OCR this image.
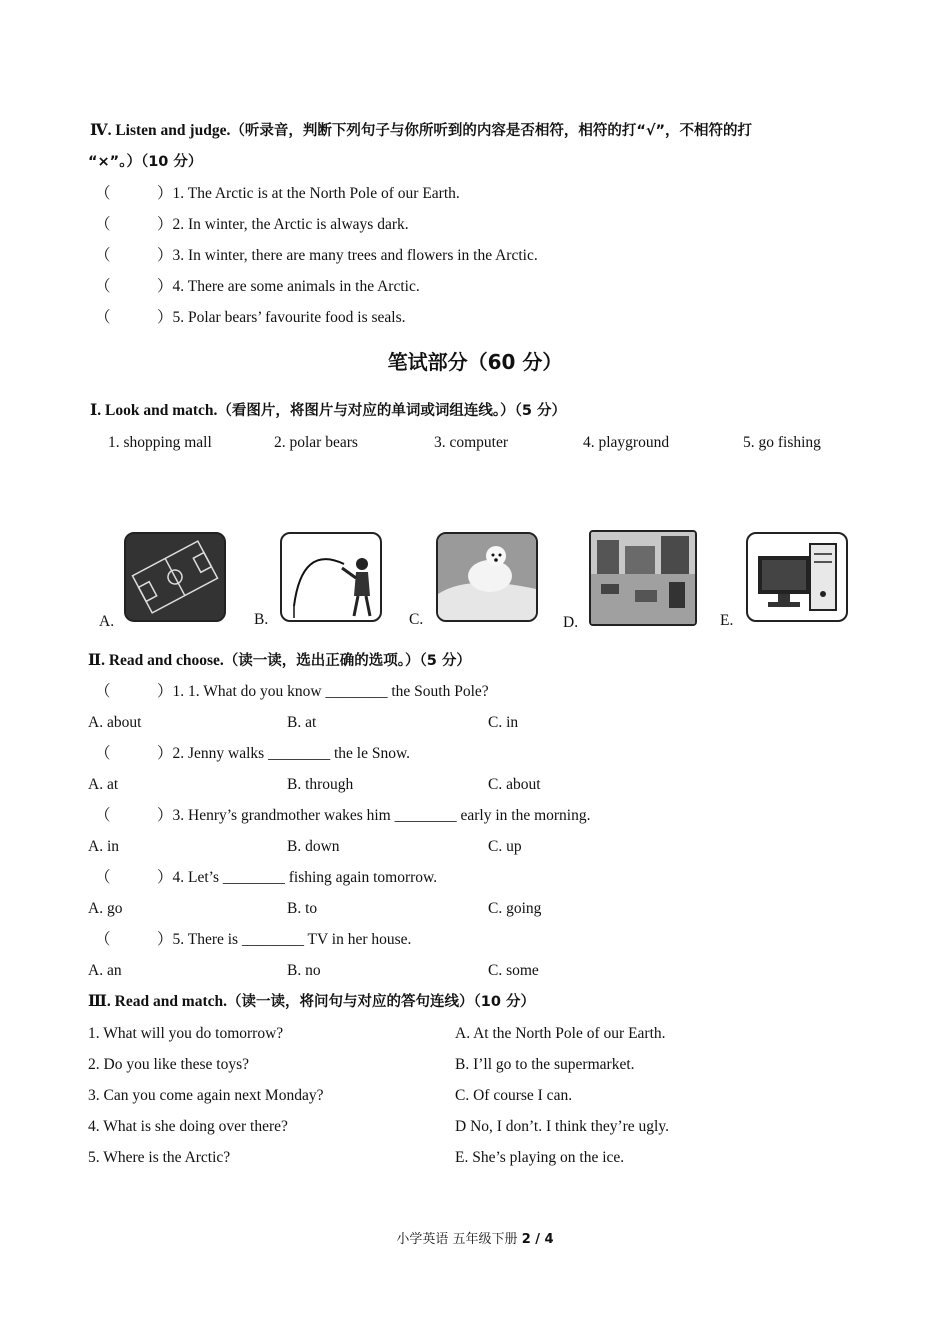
Ⅳ. Listen and judge.（听录音，判断下列句子与你所听到的内容是否相符，相符的打“√”，不相符的打
“×”。）（10 分）
（	）1. The Arctic is at the North Pole of our Earth.
（	）2. In winter, the Arctic is always dark.
（	）3. In winter, there are many trees and flowers in the Arctic.
（	）4. There are some animals in the Arctic.
（	）5. Polar bears’ favourite food is seals.
笔试部分（60 分）
Ⅰ. Look and match.（看图片，将图片与对应的单词或词组连线。）（5 分）
1. shopping mall	2. polar bears	3. computer	4. playground	5. go fishing
A.	B.	C.	D.	E.
Ⅱ. Read and choose.（读一读，选出正确的选项。）（5 分）
（	）1. 1. What do you know ________ the South Pole?
A. about	B. at	C. in
（	）2. Jenny walks ________ the le Snow.
A. at	B. through	C. about
（	）3. Henry’s grandmother wakes him ________ early in the morning.
A. in	B. down	C. up
（	）4. Let’s ________ fishing again tomorrow.
A. go	B. to	C. going
（	）5. There is ________ TV in her house.
A. an	B. no	C. some
Ⅲ. Read and match.（读一读，将问句与对应的答句连线）（10 分）
1. What will you do tomorrow?	A. At the North Pole of our Earth.
2. Do you like these toys?	B. I’ll go to the supermarket.
3. Can you come again next Monday?	C. Of course I can.
4. What is she doing over there?	D No, I don’t. I think they’re ugly.
5. Where is the Arctic?	E. She’s playing on the ice.
小学英语 五年级下册 2 / 4
